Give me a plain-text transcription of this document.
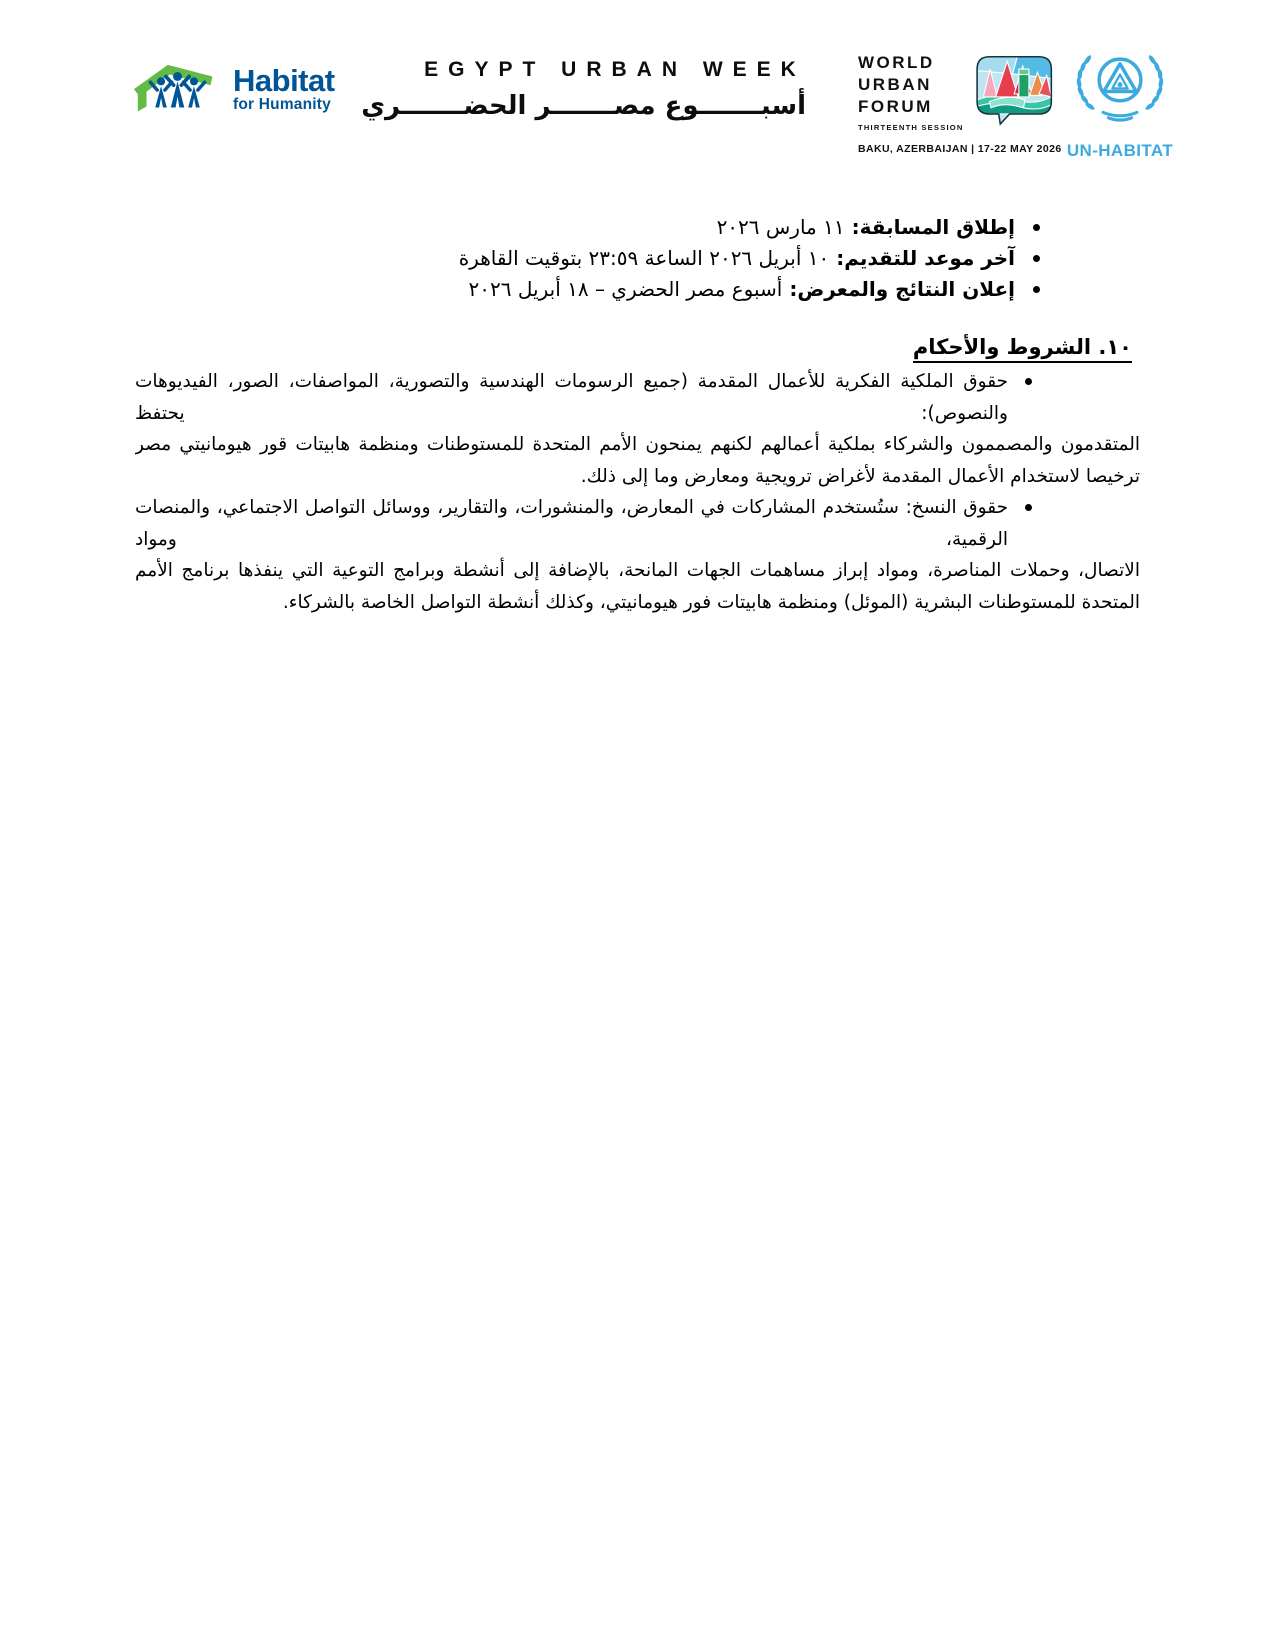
Habitat
for Humanity
EGYPT URBAN WEEK
أسبـــــــوع مصـــــــر الحضـــــــري
WORLD
URBAN
FORUM
THIRTEENTH SESSION
BAKU, AZERBAIJAN | 17-22 MAY 2026 UN-HABITAT
إطلاق المسابقة:١١ مارس ٢٠٢٦
آخر موعد للتقديم:١٠ أبريل ٢٠٢٦ الساعة ٢٣:٥٩ بتوقيت القاهرة
إعلان النتائج والمعرض:أسبوع مصر الحضري – ١٨ أبريل ٢٠٢٦
١٠. الشروط والأحكام
حقوق الملكية الفكرية للأعمال المقدمة (جميع الرسومات الهندسية والتصورية، المواصفات، الصور، الفيديوهات والنصوص): يحتفظ
المتقدمون والمصممون والشركاء بملكية أعمالهم لكنهم يمنحون الأمم المتحدة للمستوطنات ومنظمة هابيتات قور هيومانيتي مصر
ترخيصا لاستخدام الأعمال المقدمة لأغراض ترويجية ومعارض وما إلى ذلك.
حقوق النسخ: ستُستخدم المشاركات في المعارض، والمنشورات، والتقارير، ووسائل التواصل الاجتماعي، والمنصات الرقمية، ومواد
الاتصال، وحملات المناصرة، ومواد إبراز مساهمات الجهات المانحة، بالإضافة إلى أنشطة وبرامج التوعية التي ينفذها برنامج الأمم
المتحدة للمستوطنات البشرية (الموئل) ومنظمة هابيتات فور هيومانيتي، وكذلك أنشطة التواصل الخاصة بالشركاء.
